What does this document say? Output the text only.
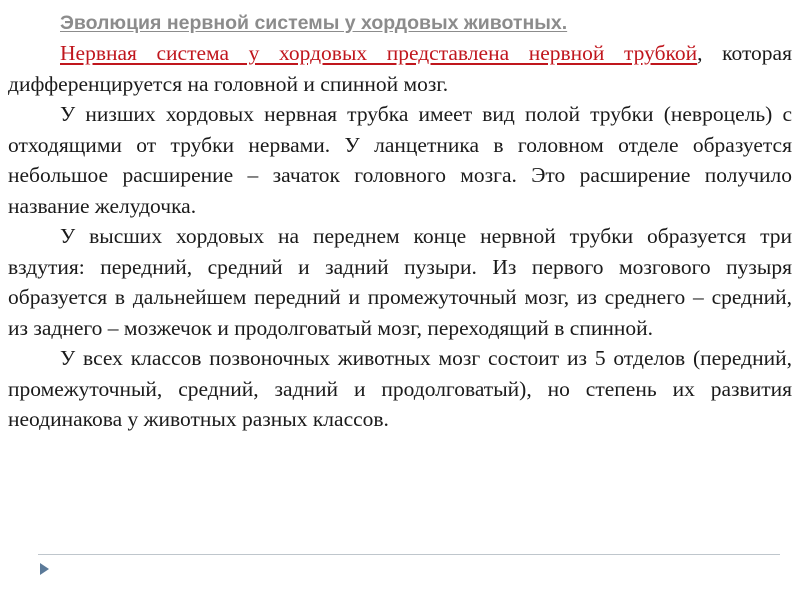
Эволюция нервной системы у хордовых животных.

Нервная система у хордовых представлена нервной трубкой, которая дифференцируется на головной и спинной мозг.

У низших хордовых нервная трубка имеет вид полой трубки (невроцель) с отходящими от трубки нервами. У ланцетника в головном отделе образуется небольшое расширение – зачаток головного мозга. Это расширение получило название желудочка.

У высших хордовых на переднем конце нервной трубки образуется три вздутия: передний, средний и задний пузыри. Из первого мозгового пузыря образуется в дальнейшем передний и промежуточный мозг, из среднего – средний, из заднего – мозжечок и продолговатый мозг, переходящий в спинной.

У всех классов позвоночных животных мозг состоит из 5 отделов (передний, промежуточный, средний, задний и продолговатый), но степень их развития неодинакова у животных разных классов.
